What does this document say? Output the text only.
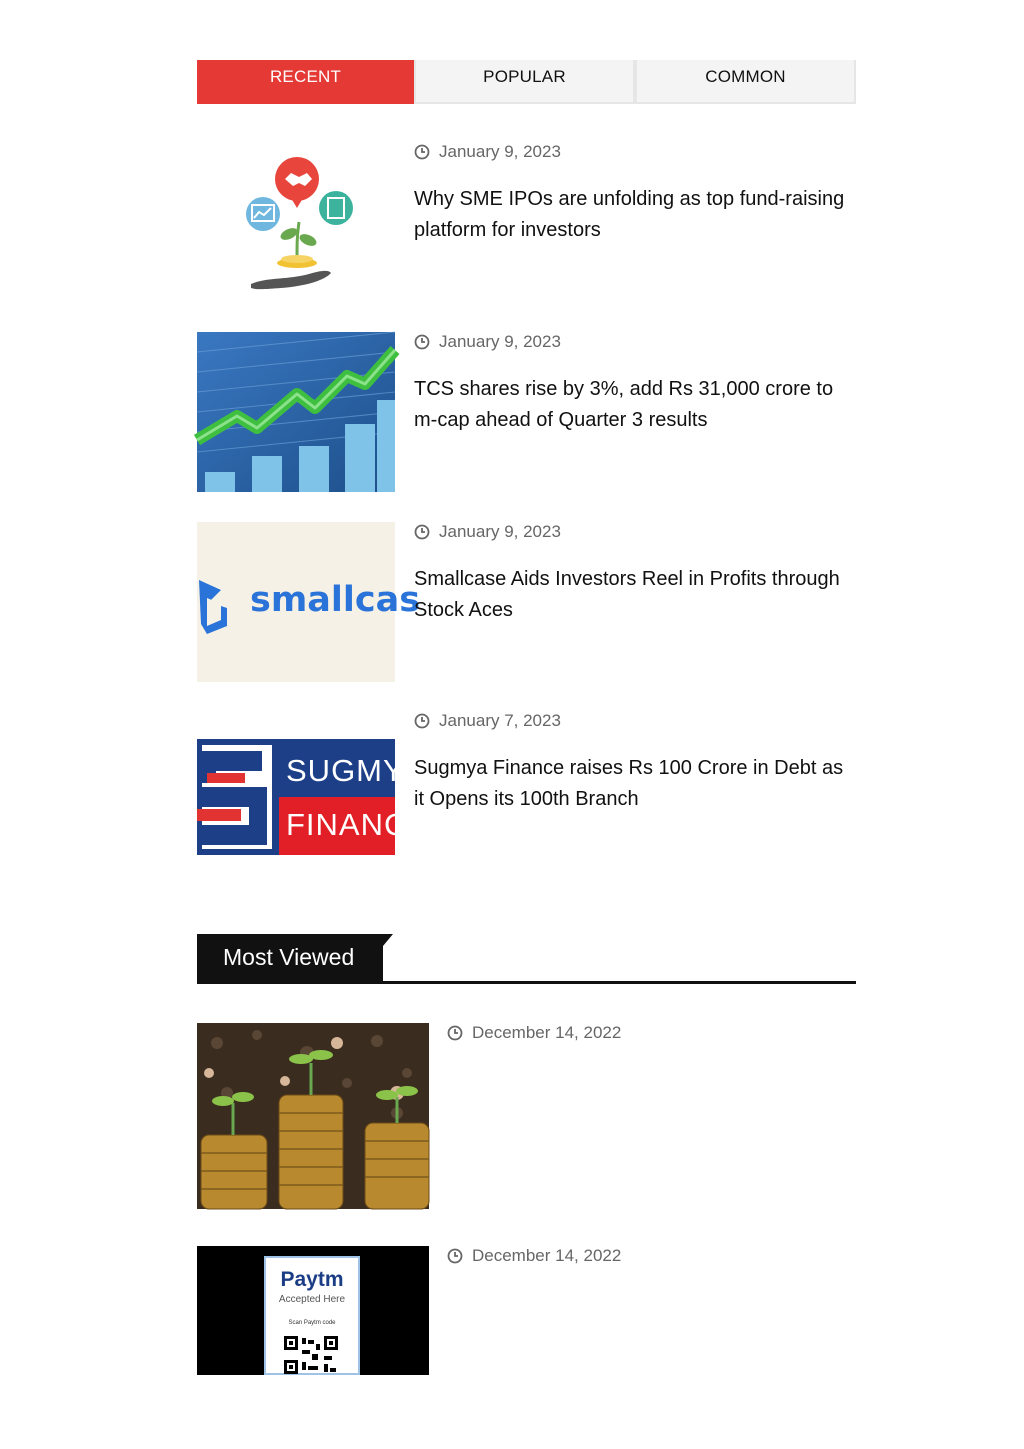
RECENT	POPULAR	COMMON
January 9, 2023
Why SME IPOs are unfolding as top fund-raising platform for investors
January 9, 2023
TCS shares rise by 3%, add Rs 31,000 crore to m-cap ahead of Quarter 3 results
smallcas
January 9, 2023
Smallcase Aids Investors Reel in Profits through Stock Aces
SUGMY
FINANC
January 7, 2023
Sugmya Finance raises Rs 100 Crore in Debt as it Opens its 100th Branch
Most Viewed
December 14, 2022
Paytm
Accepted Here
Scan Paytm code
December 14, 2022
